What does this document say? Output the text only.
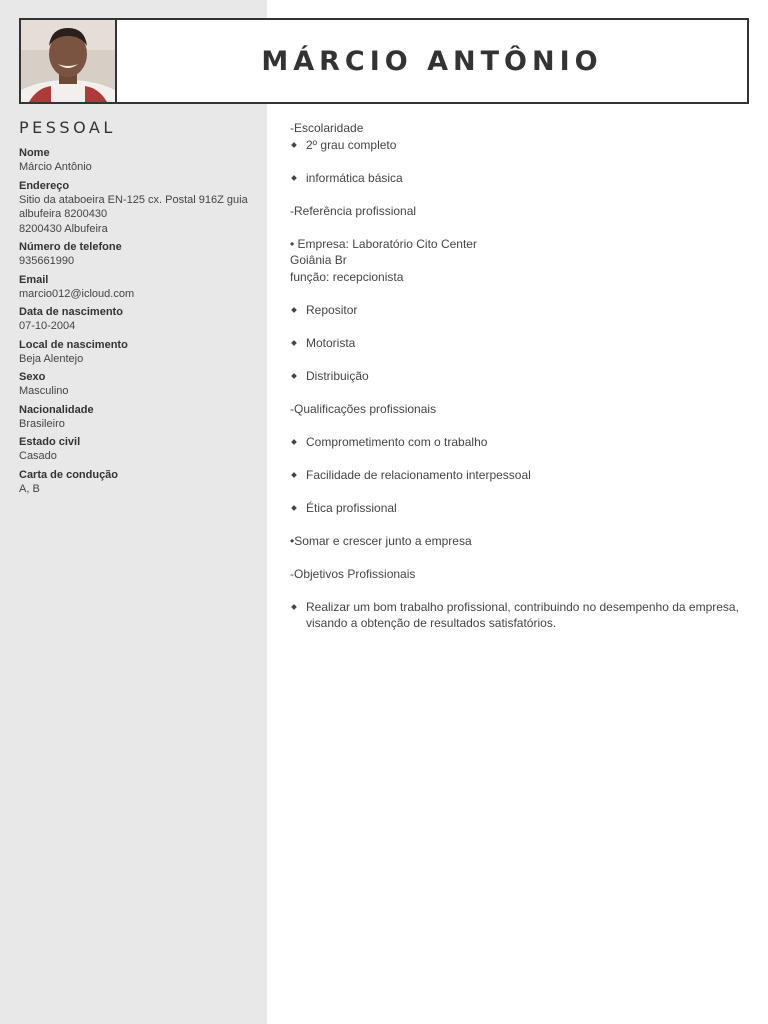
MÁRCIO ANTÔNIO
PESSOAL
Nome
Márcio Antônio
Endereço
Sitio da ataboeira EN-125 cx. Postal 916Z guia albufeira 8200430
8200430 Albufeira
Número de telefone
935661990
Email
marcio012@icloud.com
Data de nascimento
07-10-2004
Local de nascimento
Beja Alentejo
Sexo
Masculino
Nacionalidade
Brasileiro
Estado civil
Casado
Carta de condução
A, B

-Escolaridade

2º grau completo

informática básica

-Referência profissional

• Empresa: Laboratório Cito Center

Goiânia Br

função: recepcionista

Repositor

Motorista

Distribuição

-Qualificações profissionais

Comprometimento com o trabalho

Facilidade de relacionamento interpessoal

Ética profissional

•Somar e crescer junto a empresa

-Objetivos Profissionais

Realizar um bom trabalho profissional, contribuindo no desempenho da empresa, visando a obtenção de resultados satisfatórios.
